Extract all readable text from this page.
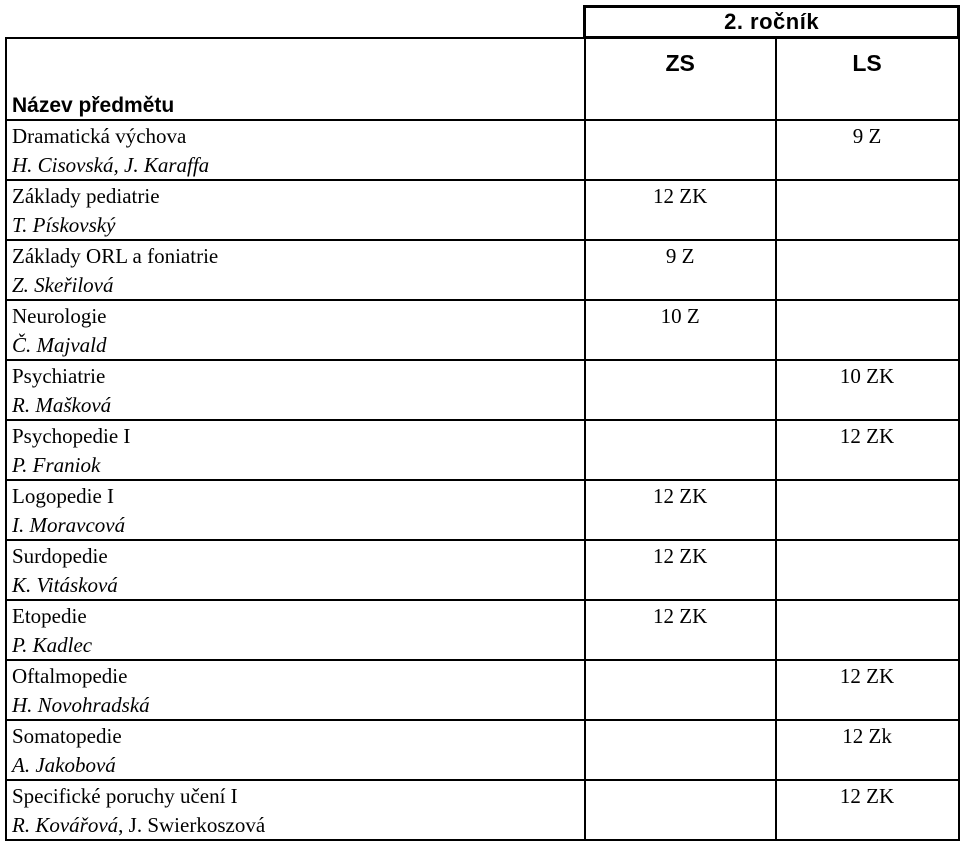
	2. ročník	

Název předmětu	ZS	LS

Dramatická výchova
H. Cisovská, J. Karaffa		9 Z

Základy pediatrie
T. Pískovský	12 ZK	

Základy ORL a foniatrie
Z. Skeřilová	9 Z	

Neurologie
Č. Majvald	10 Z	

Psychiatrie
R. Mašková		10 ZK

Psychopedie I
P. Franiok		12 ZK

Logopedie I
I. Moravcová	12 ZK	

Surdopedie
K. Vitásková	12 ZK	

Etopedie
P. Kadlec	12 ZK	

Oftalmopedie
H. Novohradská		12 ZK

Somatopedie
A. Jakobová		12 Zk

Specifické poruchy učení I
R. Kovářová, J. Swierkoszová		12 ZK
